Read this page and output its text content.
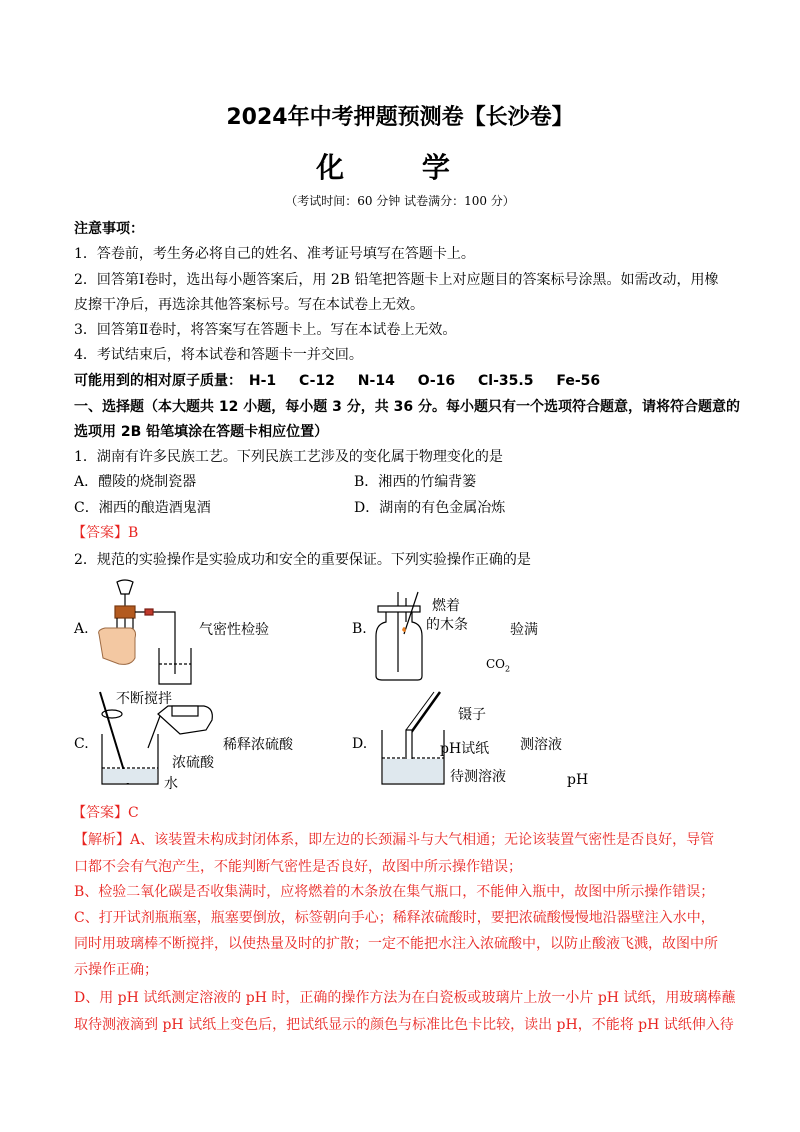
2024年中考押题预测卷【长沙卷】
化 学
（考试时间：60 分钟 试卷满分：100 分）
注意事项：
1．答卷前，考生务必将自己的姓名、准考证号填写在答题卡上。
2．回答第Ⅰ卷时，选出每小题答案后，用 2B 铅笔把答题卡上对应题目的答案标号涂黑。如需改动，用橡
皮擦干净后，再选涂其他答案标号。写在本试卷上无效。
3．回答第Ⅱ卷时，将答案写在答题卡上。写在本试卷上无效。
4．考试结束后，将本试卷和答题卡一并交回。
可能用到的相对原子质量： H-1 C-12 N-14 O-16 Cl-35.5 Fe-56
一、选择题（本大题共 12 小题，每小题 3 分，共 36 分。每小题只有一个选项符合题意，请将符合题意的
选项用 2B 铅笔填涂在答题卡相应位置）
1．湖南有许多民族工艺。下列民族工艺涉及的变化属于物理变化的是
A．醴陵的烧制瓷器	B．湘西的竹编背篓
C．湘西的酿造酒鬼酒	D．湖南的有色金属冶炼
【答案】B
2．规范的实验操作是实验成功和安全的重要保证。下列实验操作正确的是
A.	气密性检验	B.
燃着
的木条	验满
$CO_2$
C.
不断搅拌
浓硫酸
水
稀释浓硫酸	D.
镊子
pH试纸 测溶液
待测溶液	pH
【答案】C
【解析】A、该装置未构成封闭体系，即左边的长颈漏斗与大气相通；无论该装置气密性是否良好，导管
口都不会有气泡产生，不能判断气密性是否良好，故图中所示操作错误；
B、检验二氧化碳是否收集满时，应将燃着的木条放在集气瓶口，不能伸入瓶中，故图中所示操作错误；
C、打开试剂瓶瓶塞，瓶塞要倒放，标签朝向手心；稀释浓硫酸时，要把浓硫酸慢慢地沿器壁注入水中，
同时用玻璃棒不断搅拌，以使热量及时的扩散；一定不能把水注入浓硫酸中，以防止酸液飞溅，故图中所
示操作正确；
D、用 pH 试纸测定溶液的 pH 时，正确的操作方法为在白瓷板或玻璃片上放一小片 pH 试纸，用玻璃棒蘸
取待测液滴到 pH 试纸上变色后，把试纸显示的颜色与标准比色卡比较，读出 pH，不能将 pH 试纸伸入待
